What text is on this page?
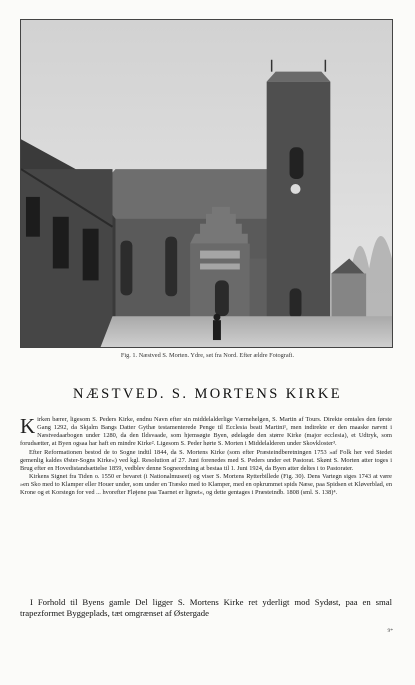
Fig. 1. Næstved S. Morten. Ydre, set fra Nord. Efter ældre Fotografi.
NÆSTVED. S. MORTENS KIRKE

Kirken bærer, ligesom S. Peders Kirke, endnu Navn efter sin middelalderlige Værnehelgen, S. Martin af Tours. Direkte omtales den første Gang 1292, da Skjalm Bangs Datter Gythæ testamenterede Penge til Ecclesia beati Martini¹, men indirekte er den maaske nævnt i Næstvedaarbogen under 1280, da den Ildsvaade, som hjemsøgte Byen, ødelagde den større Kirke (major ecclesia), et Udtryk, som forudsætter, at Byen ogsaa har haft en mindre Kirke². Ligesom S. Peder hørte S. Morten i Middelalderen under Skovkloster³.

Efter Reformationen bestod de to Sogne indtil 1844, da S. Mortens Kirke (som efter Præsteindberetningen 1753 »af Folk her ved Stedet gemenlig kaldes Øster-Sogns Kirke«) ved kgl. Resolution af 27. Juni forenedes med S. Peders under eet Pastorat. Skønt S. Morten atter toges i Brug efter en Hovedistandsættelse 1859, vedblev denne Sogneordning at bestaa til 1. Juni 1924, da Byen atter deltes i to Pastorater.

Kirkens Signet fra Tiden o. 1550 er bevaret (i Nationalmuseet) og viser S. Mortens Rytterbillede (Fig. 30). Dens Vartegn siges 1743 at være »en Sko med to Klamper eller Houer under, som under en Træsko med to Klamper, med en opkrummet spids Næse, paa Spidsen et Kløverblad, en Krone og et Korstegn for ved ... hvorefter Fløjene paa Taarnet er lignet«, og dette gentages i Præsteindb. 1808 (sml. S. 138)⁴.

I Forhold til Byens gamle Del ligger S. Mortens Kirke ret yderligt mod Sydøst, paa en smal trapezformet Byggeplads, tæt omgrænset af Østergade

9*
